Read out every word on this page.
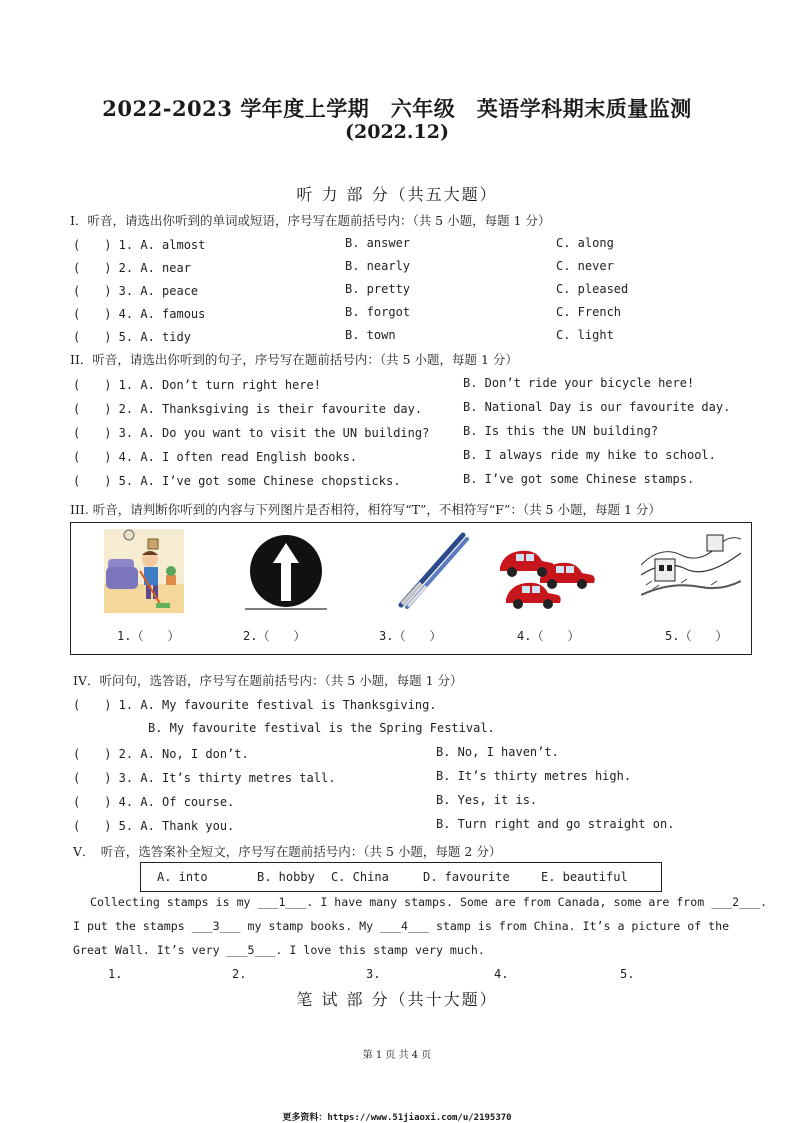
2022-2023 学年度上学期　六年级　英语学科期末质量监测
(2022.12)
听 力 部 分（共五大题）
I．听音，请选出你听到的单词或短语，序号写在题前括号内：（共 5 小题，每题 1 分）
(　　) 1. A. almost	B. answer	C. along
(　　) 2. A. near	B. nearly	C. never
(　　) 3. A. peace	B. pretty	C. pleased
(　　) 4. A. famous	B. forgot	C. French
(　　) 5. A. tidy	B. town	C. light
II．听音，请选出你听到的句子，序号写在题前括号内：（共 5 小题，每题 1 分）
(　　) 1. A. Don’t turn right here!	B. Don’t ride your bicycle here!
(　　) 2. A. Thanksgiving is their favourite day.	B. National Day is our favourite day.
(　　) 3. A. Do you want to visit the UN building?	B. Is this the UN building?
(　　) 4. A. I often read English books.	B. I always ride my hike to school.
(　　) 5. A. I’ve got some Chinese chopsticks.	B. I’ve got some Chinese stamps.
III. 听音，请判断你听到的内容与下列图片是否相符，相符写“T”，不相符写“F”：（共 5 小题，每题 1 分）
1.（　　）	2.（　　）	3.（　　）	4.（　　）	5.（　　）
IV．听问句，选答语，序号写在题前括号内：（共 5 小题，每题 1 分）
(　　) 1. A. My favourite festival is Thanksgiving.
B. My favourite festival is the Spring Festival.
(　　) 2. A. No, I don’t.	B. No, I haven’t.
(　　) 3. A. It’s thirty metres tall.	B. It’s thirty metres high.
(　　) 4. A. Of course.	B. Yes, it is.
(　　) 5. A. Thank you.	B. Turn right and go straight on.
V．　听音，选答案补全短文，序号写在题前括号内：（共 5 小题，每题 2 分）
A. into	B. hobby C. China	D. favourite	E. beautiful
Collecting stamps is my ___1___. I have many stamps. Some are from Canada, some are from ___2___.
I put the stamps ___3___ my stamp books. My ___4___ stamp is from China. It’s a picture of the
Great Wall. It’s very ___5___. I love this stamp very much.
1.	2.	3.	4.	5.
笔 试 部 分（共十大题）
第 1 页 共 4 页
更多资料：https://www.51jiaoxi.com/u/2195370
